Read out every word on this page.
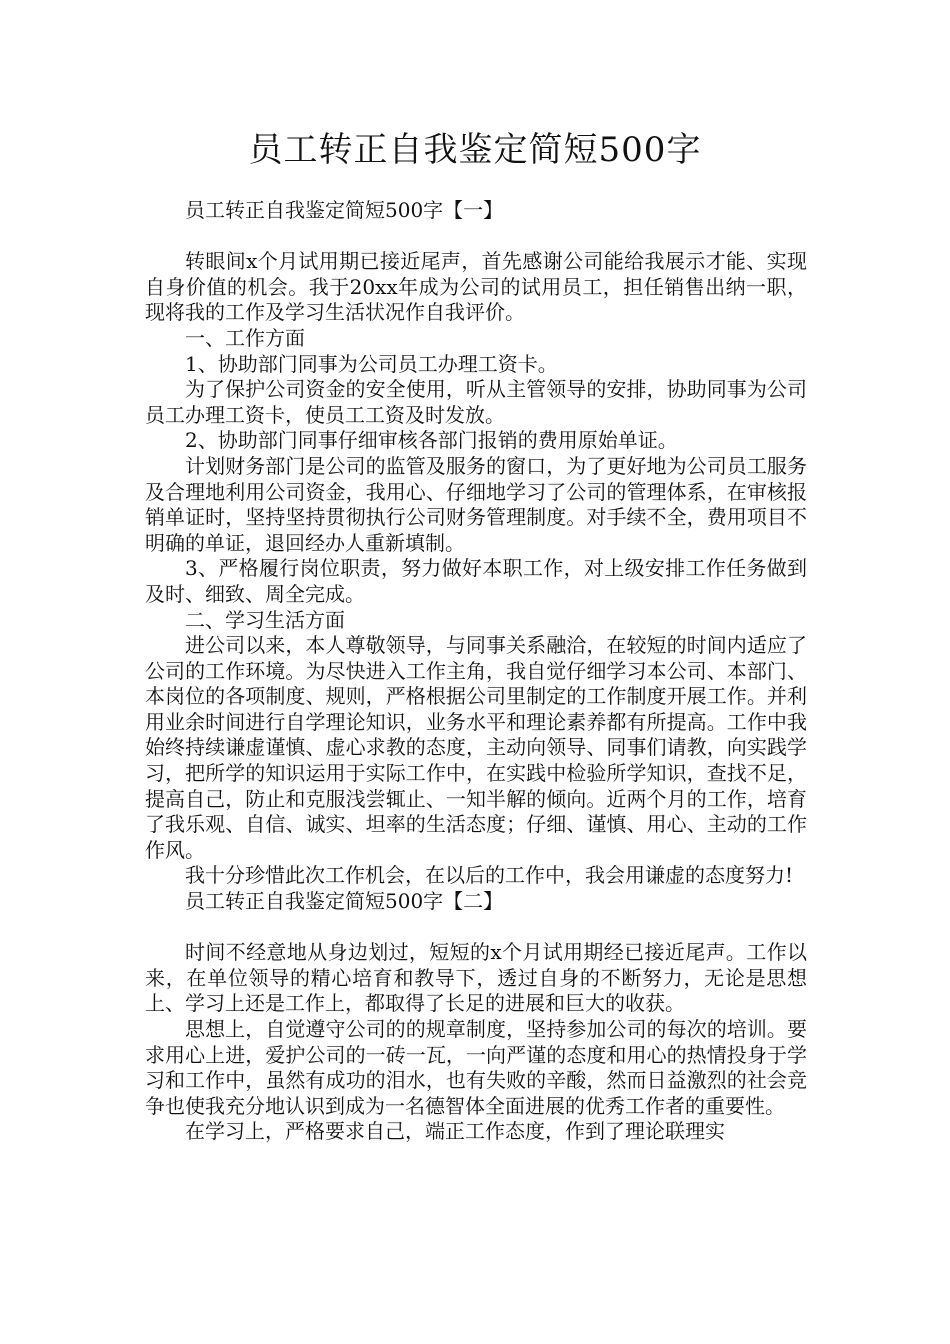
员工转正自我鉴定简短500字

员工转正自我鉴定简短500字【一】

转眼间x个月试用期已接近尾声，首先感谢公司能给我展示才能、实现自身价值的机会。我于20xx年成为公司的试用员工，担任销售出纳一职，现将我的工作及学习生活状况作自我评价。

一、工作方面

1、协助部门同事为公司员工办理工资卡。

为了保护公司资金的安全使用，听从主管领导的安排，协助同事为公司员工办理工资卡，使员工工资及时发放。

2、协助部门同事仔细审核各部门报销的费用原始单证。

计划财务部门是公司的监管及服务的窗口，为了更好地为公司员工服务及合理地利用公司资金，我用心、仔细地学习了公司的管理体系，在审核报销单证时，坚持坚持贯彻执行公司财务管理制度。对手续不全，费用项目不明确的单证，退回经办人重新填制。

3、严格履行岗位职责，努力做好本职工作，对上级安排工作任务做到及时、细致、周全完成。

二、学习生活方面

进公司以来，本人尊敬领导，与同事关系融洽，在较短的时间内适应了公司的工作环境。为尽快进入工作主角，我自觉仔细学习本公司、本部门、本岗位的各项制度、规则，严格根据公司里制定的工作制度开展工作。并利用业余时间进行自学理论知识，业务水平和理论素养都有所提高。工作中我始终持续谦虚谨慎、虚心求教的态度，主动向领导、同事们请教，向实践学习，把所学的知识运用于实际工作中，在实践中检验所学知识，查找不足，提高自己，防止和克服浅尝辄止、一知半解的倾向。近两个月的工作，培育了我乐观、自信、诚实、坦率的生活态度；仔细、谨慎、用心、主动的工作作风。

我十分珍惜此次工作机会，在以后的工作中，我会用谦虚的态度努力!

员工转正自我鉴定简短500字【二】

时间不经意地从身边划过，短短的x个月试用期经已接近尾声。工作以来，在单位领导的精心培育和教导下，透过自身的不断努力，无论是思想上、学习上还是工作上，都取得了长足的进展和巨大的收获。

思想上，自觉遵守公司的的规章制度，坚持参加公司的每次的培训。要求用心上进，爱护公司的一砖一瓦，一向严谨的态度和用心的热情投身于学习和工作中，虽然有成功的泪水，也有失败的辛酸，然而日益激烈的社会竞争也使我充分地认识到成为一名德智体全面进展的优秀工作者的重要性。

在学习上，严格要求自己，端正工作态度，作到了理论联理实
